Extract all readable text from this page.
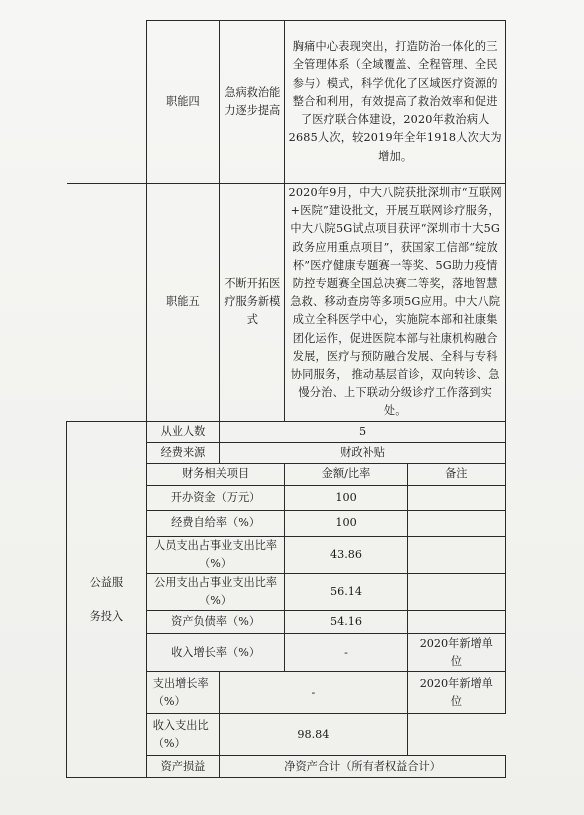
	职能四	急病救治能力逐步提高	胸痛中心表现突出，打造防治一体化的三全管理体系（全域覆盖、全程管理、全民参与）模式，科学优化了区域医疗资源的整合和利用，有效提高了救治效率和促进了医疗联合体建设，2020年救治病人2685人次，较2019年全年1918人次大为增加。	
	职能五	不断开拓医疗服务新模式	2020年9月，中大八院获批深圳市“互联网+医院”建设批文，开展互联网诊疗服务，中大八院5G试点项目获评“深圳市十大5G政务应用重点项目”，获国家工信部“绽放杯”医疗健康专题赛一等奖、5G助力疫情防控专题赛全国总决赛二等奖，落地智慧急救、移动查房等多项5G应用。中大八院成立全科医学中心，实施院本部和社康集团化运作，促进医院本部与社康机构融合发展，医疗与预防融合发展、全科与专科协同服务， 推动基层首诊，双向转诊、急慢分治、上下联动分级诊疗工作落到实处。	
公益服务投入	从业人数	5		
	经费来源	财政补贴		
	财务相关项目		金额/比率	备注
	开办资金（万元）		100	
	经费自给率（%）		100	
	人员支出占事业支出比率（%）		43.86	
	公用支出占事业支出比率（%）		56.14	
	资产负债率（%）		54.16	
	收入增长率（%）		-	2020年新增单位
	支出增长率（%）	-		2020年新增单位
	收入支出比（%）	98.84		
	资产损益	净资产合计（所有者权益合计）		
